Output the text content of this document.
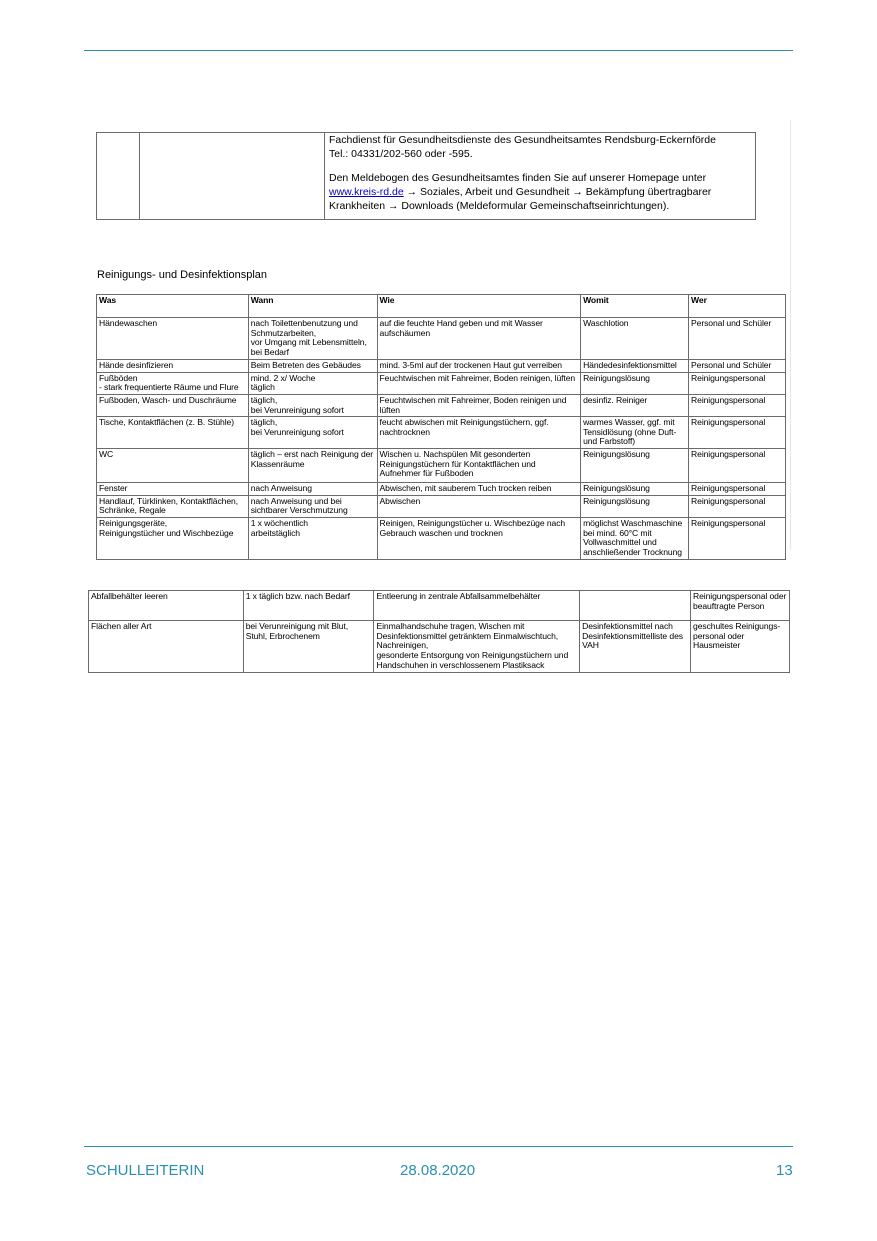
Fachdienst für Gesundheitsdienste des Gesundheitsamtes Rendsburg-Eckernförde
Tel.: 04331/202-560 oder -595.
Den Meldebogen des Gesundheitsamtes finden Sie auf unserer Homepage unter
www.kreis-rd.de → Soziales, Arbeit und Gesundheit → Bekämpfung übertragbarer Krankheiten → Downloads (Meldeformular Gemeinschaftseinrichtungen).
Reinigungs- und Desinfektionsplan
Was	Wann	Wie	Womit	Wer
Händewaschen	nach Toilettenbenutzung und Schmutzarbeiten,
vor Umgang mit Lebensmitteln, bei Bedarf	auf die feuchte Hand geben und mit Wasser aufschäumen	Waschlotion	Personal und Schüler
Hände desinfizieren	Beim Betreten des Gebäudes	mind. 3-5ml auf der trockenen Haut gut verreiben	Händedesinfektionsmittel	Personal und Schüler
Fußböden
- stark frequentierte Räume und Flure	mind. 2 x/ Woche
täglich	Feuchtwischen mit Fahreimer, Boden reinigen, lüften	Reinigungslösung	Reinigungspersonal
Fußboden, Wasch- und Duschräume	täglich,
bei Verunreinigung sofort	Feuchtwischen mit Fahreimer, Boden reinigen und lüften	desinfiz. Reiniger	Reinigungspersonal
Tische, Kontaktflächen (z. B. Stühle)	täglich,
bei Verunreinigung sofort	feucht abwischen mit Reinigungstüchern, ggf. nachtrocknen	warmes Wasser, ggf. mit Tensidlösung (ohne Duft- und Farbstoff)	Reinigungspersonal
WC	täglich – erst nach Reinigung der Klassenräume	Wischen u. Nachspülen Mit gesonderten Reinigungstüchern für Kontaktflächen und Aufnehmer für Fußboden	Reinigungslösung	Reinigungspersonal
Fenster	nach Anweisung	Abwischen, mit sauberem Tuch trocken reiben	Reinigungslösung	Reinigungspersonal
Handlauf, Türklinken, Kontaktflächen, Schränke, Regale	nach Anweisung und bei sichtbarer Verschmutzung	Abwischen	Reinigungslösung	Reinigungspersonal
Reinigungsgeräte,
Reinigungstücher und Wischbezüge	1 x wöchentlich
arbeitstäglich	Reinigen, Reinigungstücher u. Wischbezüge nach Gebrauch waschen und trocknen	möglichst Waschmaschine bei mind. 60°C mit Vollwaschmittel und anschließender Trocknung	Reinigungspersonal
Abfallbehälter leeren	1 x täglich bzw. nach Bedarf	Entleerung in zentrale Abfallsammelbehälter		Reinigungspersonal oder beauftragte Person
Flächen aller Art	bei Verunreinigung mit Blut, Stuhl, Erbrochenem	Einmalhandschuhe tragen, Wischen mit Desinfektionsmittel getränktem Einmalwischtuch, Nachreinigen,
gesonderte Entsorgung von Reinigungstüchern und Handschuhen in verschlossenem Plastiksack	Desinfektionsmittel nach Desinfektionsmittelliste des VAH	geschultes Reinigungs-personal oder Hausmeister
SCHULLEITERIN	28.08.2020	13
